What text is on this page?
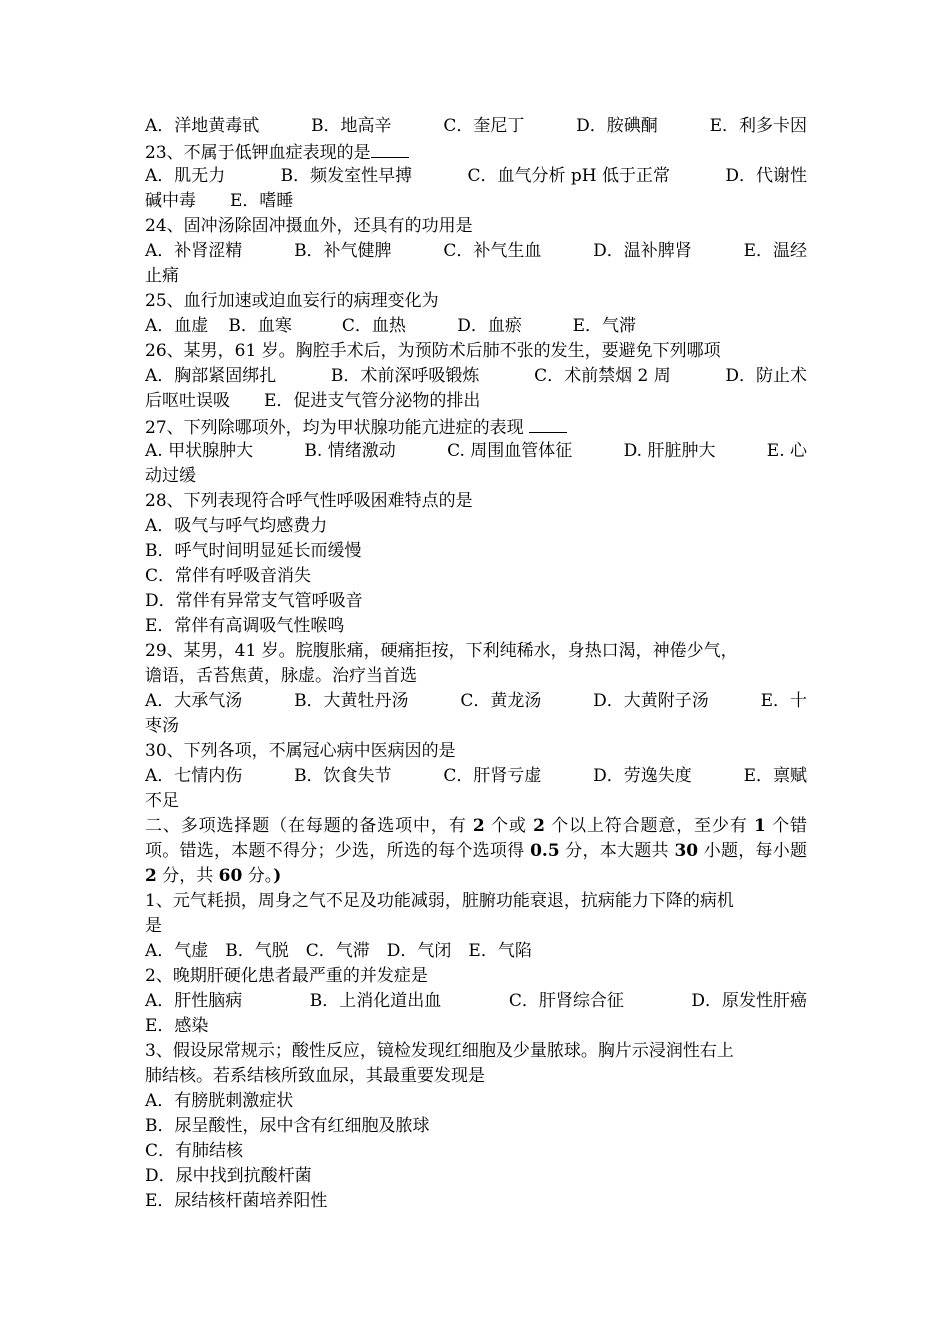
A．洋地黄毒甙	B．地高辛	C．奎尼丁	D．胺碘酮	E．利多卡因
23、不属于低钾血症表现的是
A．肌无力	B．频发室性早搏	C．血气分析 pH 低于正常	D．代谢性
碱中毒　　E．嗜睡
24、固冲汤除固冲摄血外，还具有的功用是
A．补肾涩精	B．补气健脾	C．补气生血	D．温补脾肾	E．温经
止痛
25、血行加速或迫血妄行的病理变化为
A．血虚 B．血寒	C．血热	D．血瘀	E．气滞
26、某男，61 岁。胸腔手术后，为预防术后肺不张的发生，要避免下列哪项
A．胸部紧固绑扎	B．术前深呼吸锻炼	C．术前禁烟 2 周	D．防止术
后呕吐误吸　　E．促进支气管分泌物的排出
27、下列除哪项外，均为甲状腺功能亢进症的表现
A. 甲状腺肿大	B. 情绪激动	C. 周围血管体征	D. 肝脏肿大	E. 心
动过缓
28、下列表现符合呼气性呼吸困难特点的是
A．吸气与呼气均感费力
B．呼气时间明显延长而缓慢
C．常伴有呼吸音消失
D．常伴有异常支气管呼吸音
E．常伴有高调吸气性喉鸣
29、某男，41 岁。脘腹胀痛，硬痛拒按，下利纯稀水，身热口渴，神倦少气，
谵语，舌苔焦黄，脉虚。治疗当首选
A．大承气汤	B．大黄牡丹汤	C．黄龙汤	D．大黄附子汤	E．十
枣汤
30、下列各项，不属冠心病中医病因的是
A．七情内伤	B．饮食失节	C．肝肾亏虚	D．劳逸失度	E．禀赋
不足
二、多项选择题（在每题的备选项中，有 2 个或 2 个以上符合题意，至少有 1 个错项。错选，本题不得分；少选，所选的每个选项得 0.5 分，本大题共 30 小题，每小题 2 分，共 60 分。)
1、元气耗损，周身之气不足及功能减弱，脏腑功能衰退，抗病能力下降的病机
是
A．气虚　B．气脱　C．气滞　D．气闭　E．气陷
2、晚期肝硬化患者最严重的并发症是
A．肝性脑病	B．上消化道出血	C．肝肾综合征	D．原发性肝癌
E．感染
3、假设尿常规示；酸性反应，镜检发现红细胞及少量脓球。胸片示浸润性右上
肺结核。若系结核所致血尿，其最重要发现是
A．有膀胱刺激症状
B．尿呈酸性，尿中含有红细胞及脓球
C．有肺结核
D．尿中找到抗酸杆菌
E．尿结核杆菌培养阳性
